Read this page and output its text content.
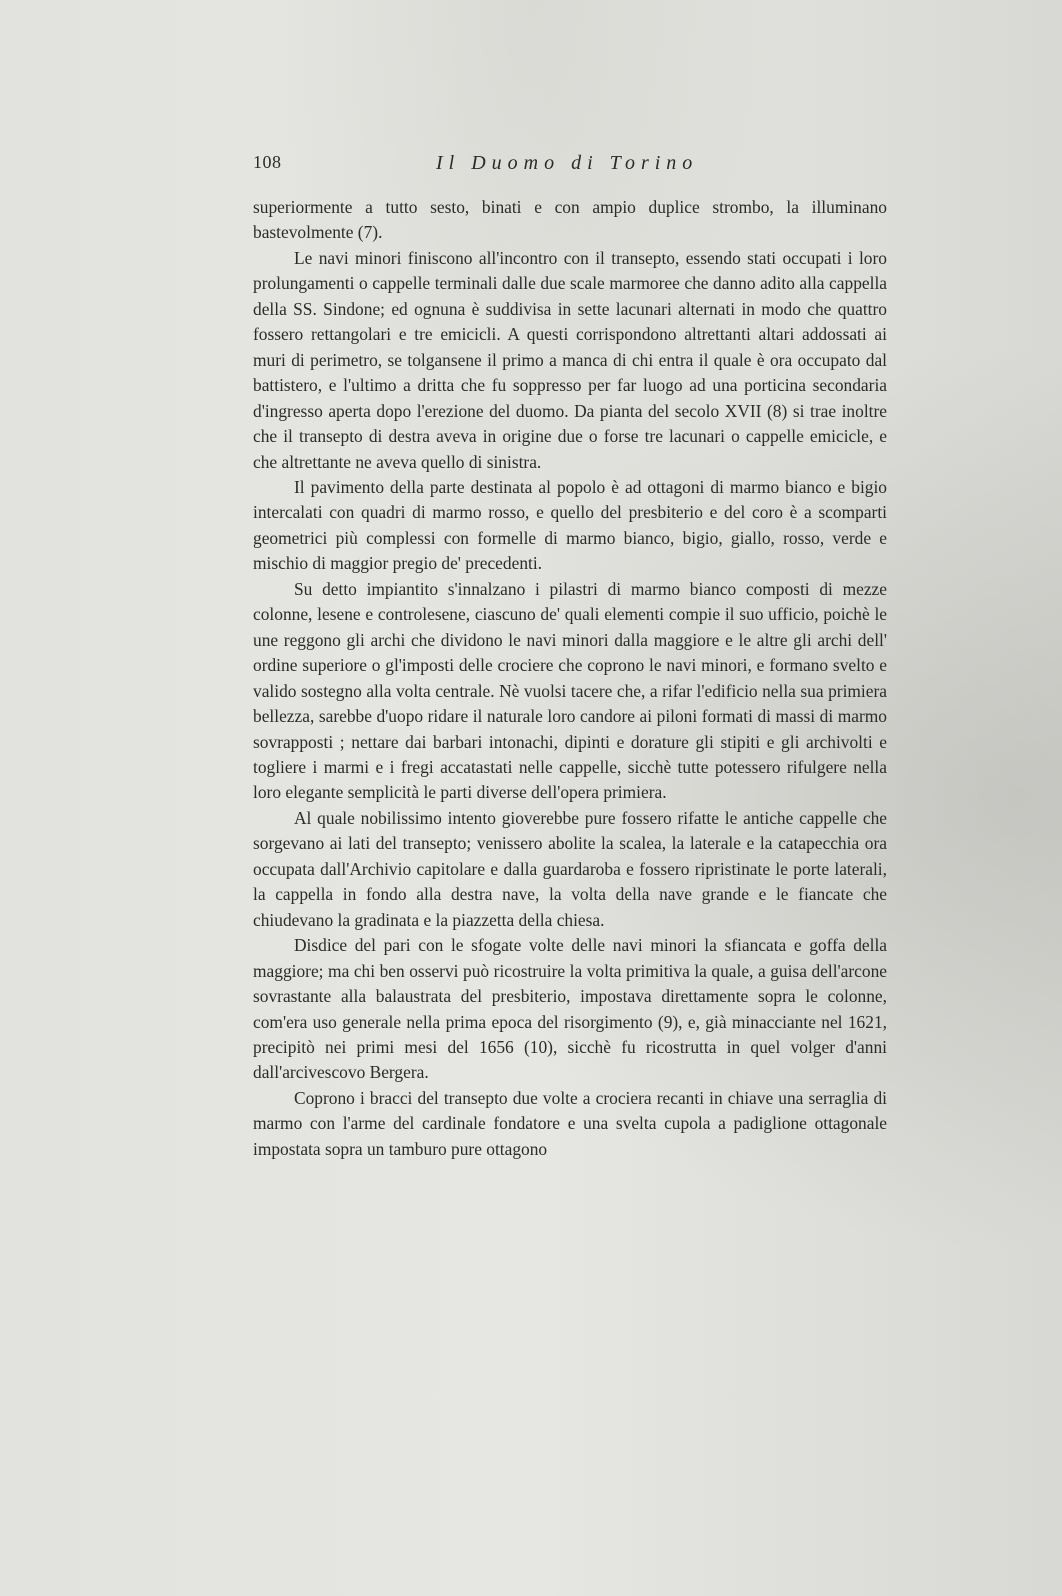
108	Il Duomo di Torino

superiormente a tutto sesto, binati e con ampio duplice strombo, la illuminano bastevolmente (7).

Le navi minori finiscono all'incontro con il transepto, essendo stati occupati i loro prolungamenti o cappelle terminali dalle due scale marmoree che danno adito alla cappella della SS. Sindone; ed ognuna è suddivisa in sette lacunari alternati in modo che quattro fossero rettangolari e tre emicicli. A questi corrispondono altrettanti altari addossati ai muri di perimetro, se tolgansene il primo a manca di chi entra il quale è ora occupato dal battistero, e l'ultimo a dritta che fu soppresso per far luogo ad una porticina secondaria d'ingresso aperta dopo l'erezione del duomo. Da pianta del secolo XVII (8) si trae inoltre che il transepto di destra aveva in origine due o forse tre lacunari o cappelle emicicle, e che altrettante ne aveva quello di sinistra.

Il pavimento della parte destinata al popolo è ad ottagoni di marmo bianco e bigio intercalati con quadri di marmo rosso, e quello del presbiterio e del coro è a scomparti geometrici più complessi con formelle di marmo bianco, bigio, giallo, rosso, verde e mischio di maggior pregio de' precedenti.

Su detto impiantito s'innalzano i pilastri di marmo bianco composti di mezze colonne, lesene e controlesene, ciascuno de' quali elementi compie il suo ufficio, poichè le une reggono gli archi che dividono le navi minori dalla maggiore e le altre gli archi dell' ordine superiore o gl'imposti delle crociere che coprono le navi minori, e formano svelto e valido sostegno alla volta centrale. Nè vuolsi tacere che, a rifar l'edificio nella sua primiera bellezza, sarebbe d'uopo ridare il naturale loro candore ai piloni formati di massi di marmo sovrapposti ; nettare dai barbari intonachi, dipinti e dorature gli stipiti e gli archivolti e togliere i marmi e i fregi accatastati nelle cappelle, sicchè tutte potessero rifulgere nella loro elegante semplicità le parti diverse dell'opera primiera.

Al quale nobilissimo intento gioverebbe pure fossero rifatte le antiche cappelle che sorgevano ai lati del transepto; venissero abolite la scalea, la laterale e la catapecchia ora occupata dall'Archivio capitolare e dalla guardaroba e fossero ripristinate le porte laterali, la cappella in fondo alla destra nave, la volta della nave grande e le fiancate che chiudevano la gradinata e la piazzetta della chiesa.

Disdice del pari con le sfogate volte delle navi minori la sfiancata e goffa della maggiore; ma chi ben osservi può ricostruire la volta primitiva la quale, a guisa dell'arcone sovrastante alla balaustrata del presbiterio, impostava direttamente sopra le colonne, com'era uso generale nella prima epoca del risorgimento (9), e, già minacciante nel 1621, precipitò nei primi mesi del 1656 (10), sicchè fu ricostrutta in quel volger d'anni dall'arcivescovo Bergera.

Coprono i bracci del transepto due volte a crociera recanti in chiave una serraglia di marmo con l'arme del cardinale fondatore e una svelta cupola a padiglione ottagonale impostata sopra un tamburo pure ottagono
